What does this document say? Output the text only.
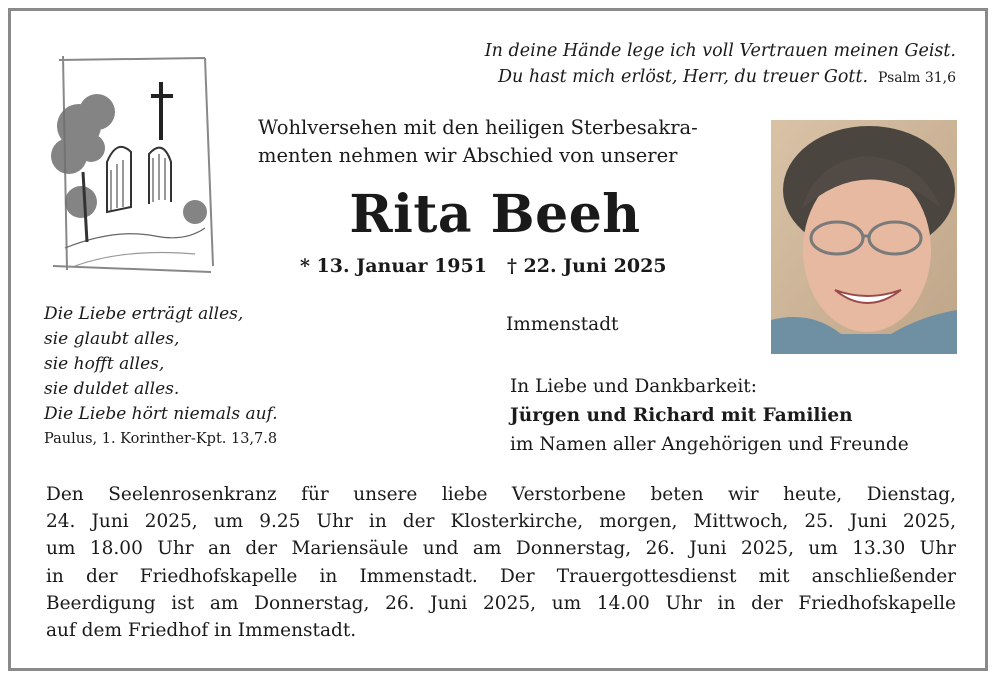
In deine Hände lege ich voll Vertrauen meinen Geist.
Du hast mich erlöst, Herr, du treuer Gott. Psalm 31,6
Wohlversehen mit den heiligen Sterbesakra-
menten nehmen wir Abschied von unserer
Rita Beeh
* 13. Januar 1951 † 22. Juni 2025
Immenstadt
Die Liebe erträgt alles,
sie glaubt alles,
sie hofft alles,
sie duldet alles.
Die Liebe hört niemals auf.
Paulus, 1. Korinther-Kpt. 13,7.8
In Liebe und Dankbarkeit:
Jürgen und Richard mit Familien
im Namen aller Angehörigen und Freunde
Den Seelenrosenkranz für unsere liebe Verstorbene beten wir heute, Dienstag,
24. Juni 2025, um 9.25 Uhr in der Klosterkirche, morgen, Mittwoch, 25. Juni 2025,
um 18.00 Uhr an der Mariensäule und am Donnerstag, 26. Juni 2025, um 13.30 Uhr
in der Friedhofskapelle in Immenstadt. Der Trauergottesdienst mit anschließender
Beerdigung ist am Donnerstag, 26. Juni 2025, um 14.00 Uhr in der Friedhofskapelle
auf dem Friedhof in Immenstadt.
